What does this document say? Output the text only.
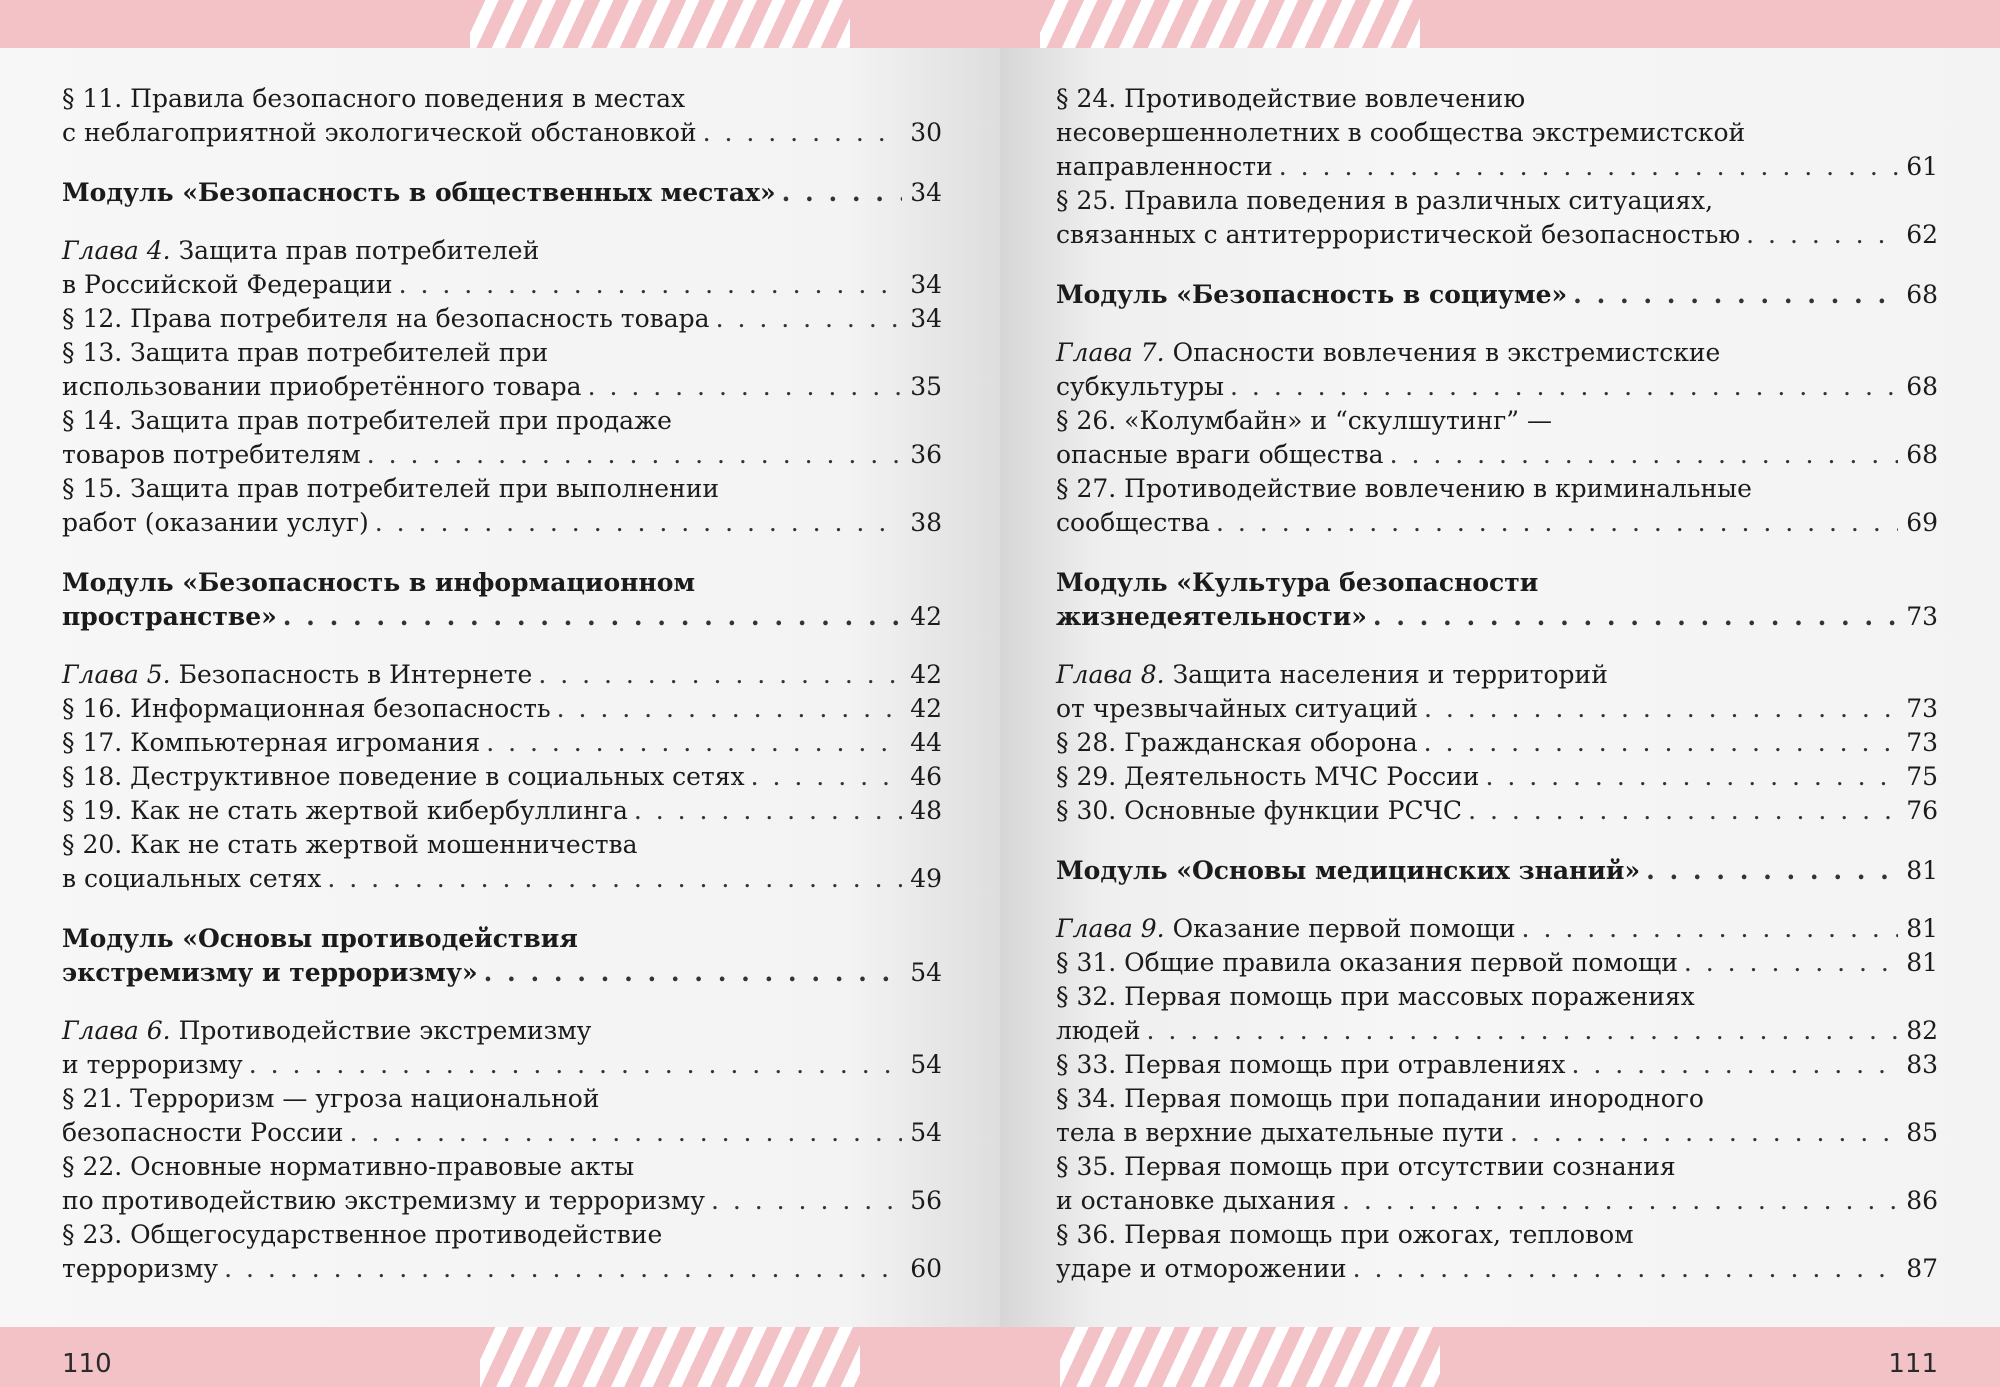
§ 11. Правила безопасного поведения в местах
с неблагоприятной экологической обстановкой . . .	30
Модуль «Безопасность в общественных местах» . . .	34
Глава 4. Защита прав потребителей
в Российской Федерации . . .	34
§ 12. Права потребителя на безопасность товара . . .	34
§ 13. Защита прав потребителей при
использовании приобретённого товара . . .	35
§ 14. Защита прав потребителей при продаже
товаров потребителям . . .	36
§ 15. Защита прав потребителей при выполнении
работ (оказании услуг) . . .	38
Модуль «Безопасность в информационном
пространстве» . . .	42
Глава 5. Безопасность в Интернете . . .	42
§ 16. Информационная безопасность . . .	42
§ 17. Компьютерная игромания . . .	44
§ 18. Деструктивное поведение в социальных сетях . . .	46
§ 19. Как не стать жертвой кибербуллинга . . .	48
§ 20. Как не стать жертвой мошенничества
в социальных сетях . . .	49
Модуль «Основы противодействия
экстремизму и терроризму» . . .	54
Глава 6. Противодействие экстремизму
и терроризму . . .	54
§ 21. Терроризм — угроза национальной
безопасности России . . .	54
§ 22. Основные нормативно-правовые акты
по противодействию экстремизму и терроризму . . .	56
§ 23. Общегосударственное противодействие
терроризму . . .	60
110
§ 24. Противодействие вовлечению
несовершеннолетних в сообщества экстремистской
направленности . . .	61
§ 25. Правила поведения в различных ситуациях,
связанных с антитеррористической безопасностью . . .	62
Модуль «Безопасность в социуме» . . .	68
Глава 7. Опасности вовлечения в экстремистские
субкультуры . . .	68
§ 26. «Колумбайн» и “скулшутинг” —
опасные враги общества . . .	68
§ 27. Противодействие вовлечению в криминальные
сообщества . . .	69
Модуль «Культура безопасности
жизнедеятельности» . . .	73
Глава 8. Защита населения и территорий
от чрезвычайных ситуаций . . .	73
§ 28. Гражданская оборона . . .	73
§ 29. Деятельность МЧС России . . .	75
§ 30. Основные функции РСЧС . . .	76
Модуль «Основы медицинских знаний» . . .	81
Глава 9. Оказание первой помощи . . .	81
§ 31. Общие правила оказания первой помощи . . .	81
§ 32. Первая помощь при массовых поражениях
людей . . .	82
§ 33. Первая помощь при отравлениях . . .	83
§ 34. Первая помощь при попадании инородного
тела в верхние дыхательные пути . . .	85
§ 35. Первая помощь при отсутствии сознания
и остановке дыхания . . .	86
§ 36. Первая помощь при ожогах, тепловом
ударе и отморожении . . .	87
111
